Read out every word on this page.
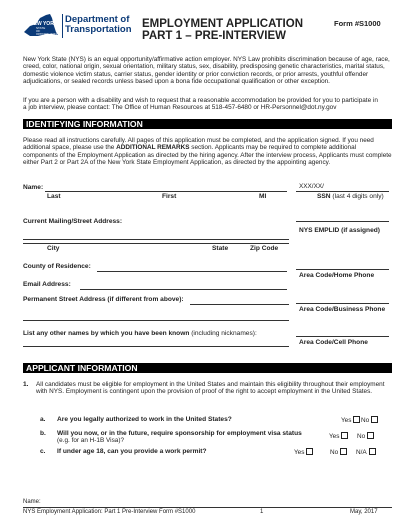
NEW YORK
STATE OF OPPORTUNITY
Department of
Transportation EMPLOYMENT APPLICATION
PART 1 – PRE-INTERVIEW
Form #S1000

New York State (NYS) is an equal opportunity/affirmative action employer. NYS Law prohibits discrimination because of age, race, creed, color, national origin, sexual orientation, military status, sex, disability, predisposing genetic characteristics, marital status, domestic violence victim status, carrier status, gender identity or prior conviction records, or prior arrests, youthful offender adjudications, or sealed records unless based upon a bona fide occupational qualification or other exception.

If you are a person with a disability and wish to request that a reasonable accommodation be provided for you to participate in a job interview, please contact: The Office of Human Resources at 518-457-6480 or HR-Personnel@dot.ny.gov

IDENTIFYING INFORMATION

Please read all instructions carefully. All pages of this application must be completed, and the application signed. If you need additional space, please use the ADDITIONAL REMARKS section. Applicants may be required to complete additional components of the Employment Application as directed by the hiring agency. After the interview process, Applicants must complete either Part 2 or Part 2A of the New York State Employment Application, as directed by the appointing agency.

Name:	XXX/XX/
Last	First	MI	SSN (last 4 digits only)
Current Mailing/Street Address:
NYS EMPLID (if assigned)
City	State	Zip Code
County of Residence:
Area Code/Home Phone
Email Address:
Permanent Street Address (if different from above):
Area Code/Business Phone
List any other names by which you have been known (including nicknames):
Area Code/Cell Phone
APPLICANT INFORMATION
1. All candidates must be eligible for employment in the United States and maintain this eligibility throughout their employment with NYS. Employment is contingent upon the provision of proof of the right to accept employment in the United States.

a. Are you legally authorized to work in the United States?	Yes	No
b. Will you now, or in the future, require sponsorship for employment visa status
(e.g. for an H-1B Visa)?
Yes	No
c. If under age 18, can you provide a work permit?	Yes	No	N/A
Name:
NYS Employment Application: Part 1 Pre-Interview Form #S1000	1	May, 2017
